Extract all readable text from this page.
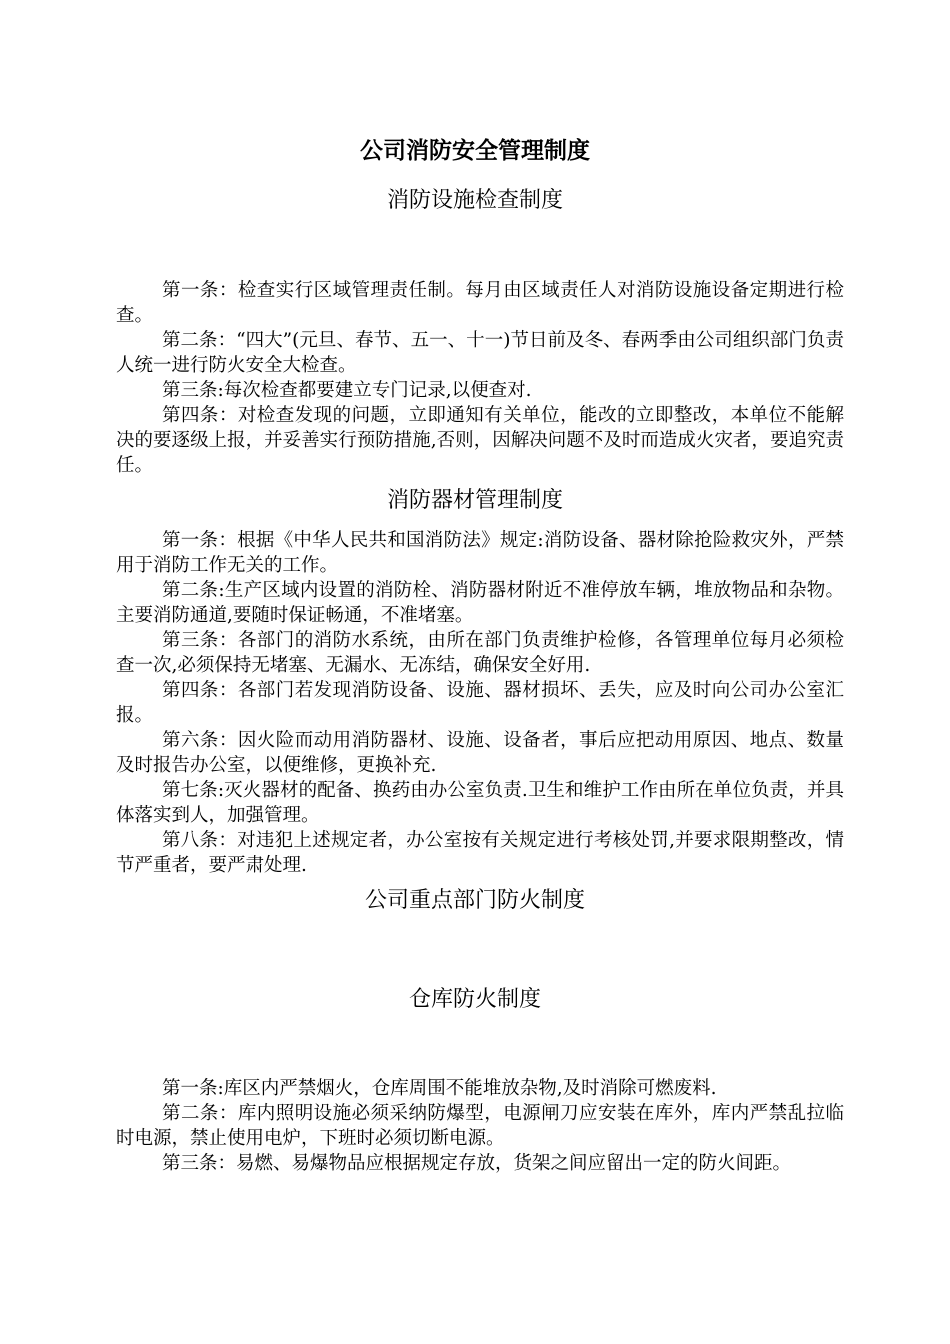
公司消防安全管理制度
消防设施检查制度

第一条：检查实行区域管理责任制。每月由区域责任人对消防设施设备定期进行检查。

第二条：“四大”(元旦、春节、五一、十一)节日前及冬、春两季由公司组织部门负责人统一进行防火安全大检查。

第三条:每次检查都要建立专门记录,以便查对.

第四条：对检查发现的问题，立即通知有关单位，能改的立即整改，本单位不能解决的要逐级上报，并妥善实行预防措施,否则，因解决问题不及时而造成火灾者，要追究责任。

消防器材管理制度

第一条：根据《中华人民共和国消防法》规定:消防设备、器材除抢险救灾外，严禁用于消防工作无关的工作。

第二条:生产区域内设置的消防栓、消防器材附近不准停放车辆，堆放物品和杂物。主要消防通道,要随时保证畅通，不准堵塞。

第三条：各部门的消防水系统，由所在部门负责维护检修，各管理单位每月必须检查一次,必须保持无堵塞、无漏水、无冻结，确保安全好用.

第四条：各部门若发现消防设备、设施、器材损坏、丢失，应及时向公司办公室汇报。

第六条：因火险而动用消防器材、设施、设备者，事后应把动用原因、地点、数量及时报告办公室，以便维修，更换补充.

第七条:灭火器材的配备、换药由办公室负责.卫生和维护工作由所在单位负责，并具体落实到人，加强管理。

第八条：对违犯上述规定者，办公室按有关规定进行考核处罚,并要求限期整改，情节严重者，要严肃处理.

公司重点部门防火制度
仓库防火制度

第一条:库区内严禁烟火，仓库周围不能堆放杂物,及时消除可燃废料.

第二条：库内照明设施必须采纳防爆型，电源闸刀应安装在库外，库内严禁乱拉临时电源，禁止使用电炉，下班时必须切断电源。

第三条：易燃、易爆物品应根据规定存放，货架之间应留出一定的防火间距。
